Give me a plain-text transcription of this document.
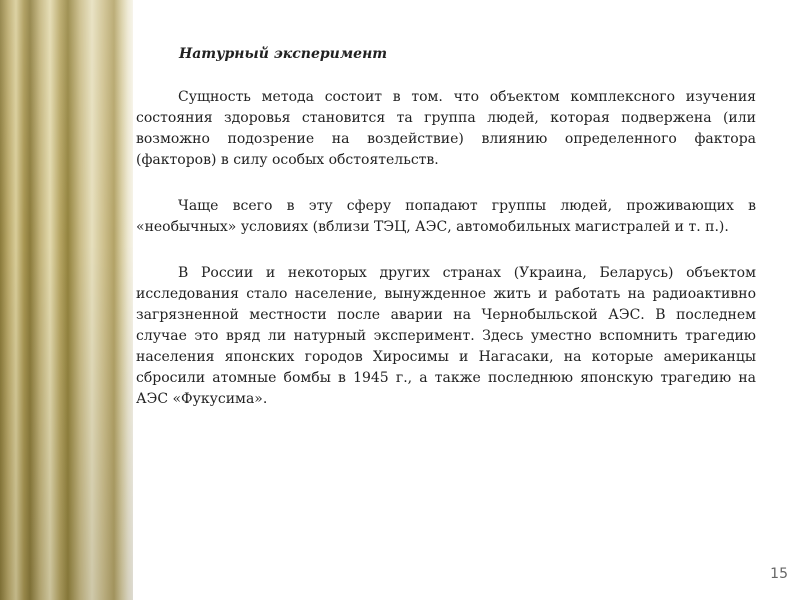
Натурный эксперимент

Сущность метода состоит в том. что объектом комплексного изучения состояния здоровья становится та группа людей, которая подвержена (или возможно подозрение на воздействие) влиянию определенного фактора (факторов) в силу особых обстоятельств.

Чаще всего в эту сферу попадают группы людей, проживающих в «необычных» условиях (вблизи ТЭЦ, АЭС, автомобильных магистралей и т. п.).

В России и некоторых других странах (Украина, Беларусь) объектом исследования стало население, вынужденное жить и работать на радиоактивно загрязненной местности после аварии на Чернобыльской АЭС. В последнем случае это вряд ли натурный эксперимент. Здесь уместно вспомнить трагедию населения японских городов Хиросимы и Нагасаки, на которые американцы сбросили атомные бомбы в 1945 г., а также последнюю японскую трагедию на АЭС «Фукусима».

15
